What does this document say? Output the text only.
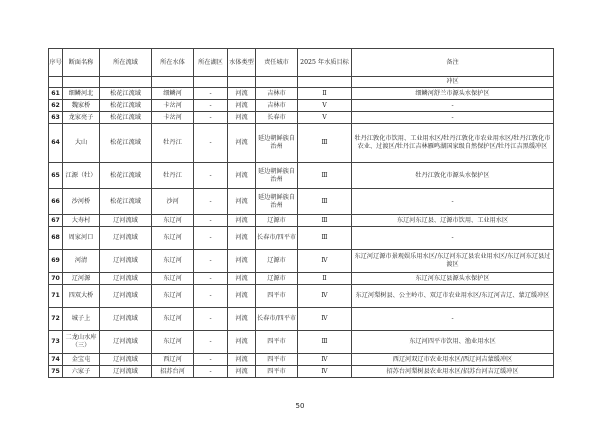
序号	断面名称	所在流域	所在水体	所在湖区	水体类型	责任城市	2025 年水质目标	备注
								冲区
61	细鳞河北	松花江流域	细鳞河	-	河流	吉林市	Ⅱ	细鳞河舒兰市源头水保护区
62	魏家桥	松花江流域	卡岔河	-	河流	吉林市	Ⅴ	-
63	龙家亮子	松花江流域	卡岔河	-	河流	长春市	Ⅴ	-
64	大山	松花江流域	牡丹江	-	河流	延边朝鲜族自治州	Ⅲ	牡丹江敦化市饮用、工业用水区/牡丹江敦化市农业用水区/牡丹江敦化市农业、过渡区/牡丹江吉林雁鸣湖国家级自然保护区/牡丹江吉黑缓冲区
65	江源（牡）	松花江流域	牡丹江	-	河流	延边朝鲜族自治州	Ⅲ	牡丹江敦化市源头水保护区
66	沙河桥	松花江流域	沙河	-	河流	延边朝鲜族自治州	Ⅲ	-
67	大寿村	辽河流域	东辽河	-	河流	辽源市	Ⅲ	东辽河东辽县、辽源市饮用、工业用水区
68	周家河口	辽河流域	东辽河	-	河流	长春市/四平市	Ⅲ	-
69	河清	辽河流域	东辽河	-	河流	辽源市	Ⅳ	东辽河辽源市景观娱乐用水区/东辽河东辽县农业用水区/东辽河东辽县过渡区
70	辽河源	辽河流域	东辽河	-	河流	辽源市	Ⅱ	东辽河东辽县源头水保护区
71	四双大桥	辽河流域	东辽河	-	河流	四平市	Ⅳ	东辽河梨树县、公主岭市、双辽市农业用水区/东辽河吉辽、蒙辽缓冲区
72	城子上	辽河流域	东辽河	-	河流	长春市/四平市	Ⅳ	-
73	二龙山水库（三）	辽河流域	东辽河	-	河流	四平市	Ⅲ	东辽河四平市饮用、渔业用水区
74	金宝屯	辽河流域	西辽河	-	河流	四平市	Ⅳ	西辽河双辽市农业用水区/西辽河吉蒙缓冲区
75	六家子	辽河流域	招苏台河	-	河流	四平市	Ⅳ	招苏台河梨树县农业用水区/招苏台河吉辽缓冲区
50
